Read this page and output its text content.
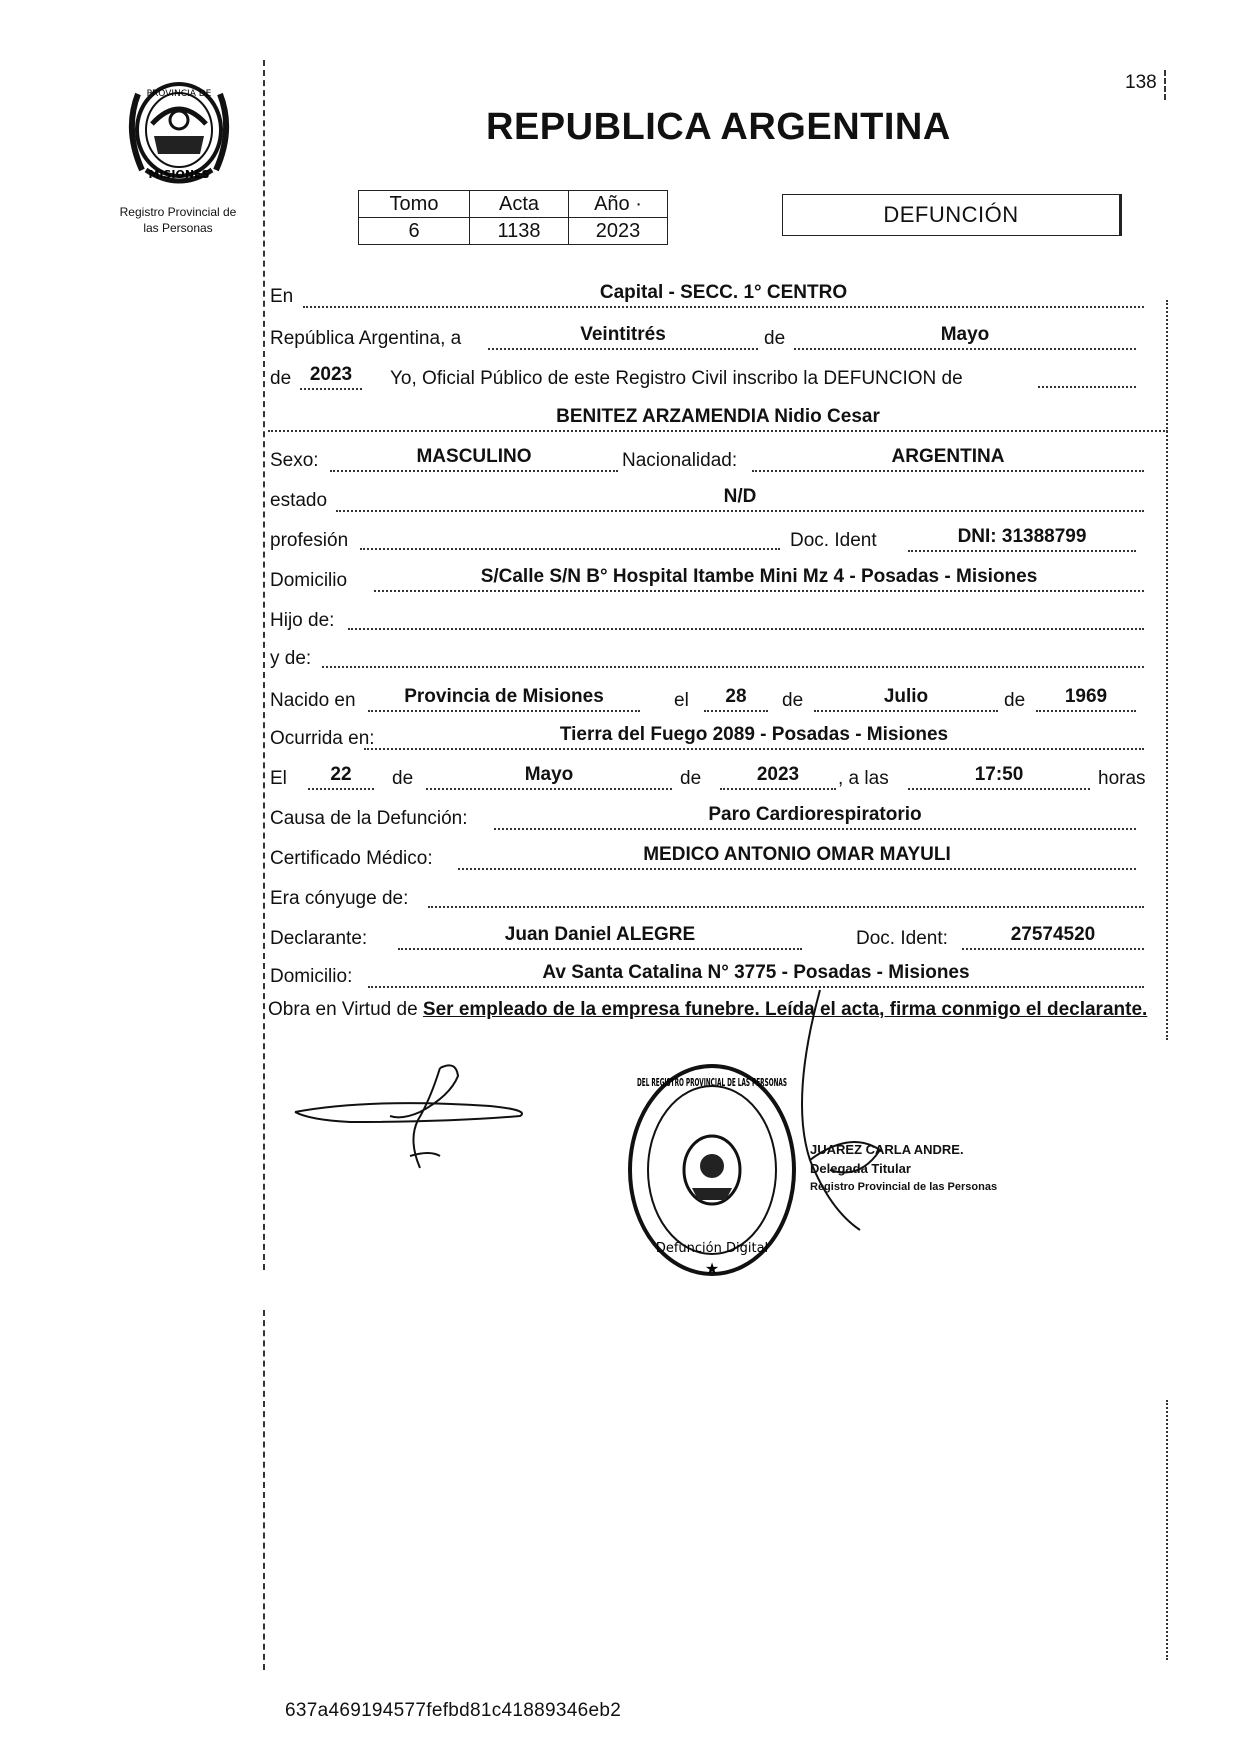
PROVINCIA DE
MISIONES
Registro Provincial de
las Personas
138
REPUBLICA ARGENTINA
Tomo	Acta	Año ·
6	1138	2023
DEFUNCIÓN
En	Capital - SECC. 1° CENTRO
República Argentina, a	Veintitrés	de	Mayo
de 2023	Yo, Oficial Público de este Registro Civil inscribo la DEFUNCION de
BENITEZ ARZAMENDIA Nidio Cesar
Sexo:	MASCULINO	Nacionalidad:	ARGENTINA
estado	N/D
profesión	Doc. Ident	DNI: 31388799
Domicilio	S/Calle S/N B° Hospital Itambe Mini Mz 4 - Posadas - Misiones
Hijo de:
y de:
Nacido en	Provincia de Misiones	el	28	de	Julio	de	1969
Ocurrida en:	Tierra del Fuego 2089 - Posadas - Misiones
El	22	de	Mayo	de	2023	, a las	17:50	horas
Causa de la Defunción:	Paro Cardiorespiratorio
Certificado Médico:	MEDICO ANTONIO OMAR MAYULI
Era cónyuge de:
Declarante:	Juan Daniel ALEGRE	Doc. Ident:	27574520
Domicilio:	Av Santa Catalina N° 3775 - Posadas - Misiones
Obra en Virtud de Ser empleado de la empresa funebre. Leída el acta, firma conmigo el declarante.
DEL REGISTRO PROVINCIAL DE LAS PERSONAS
Defunción Digital
★
JUAREZ CARLA ANDRE.
Delegada Titular
Registro Provincial de las Personas
637a469194577fefbd81c41889346eb2
